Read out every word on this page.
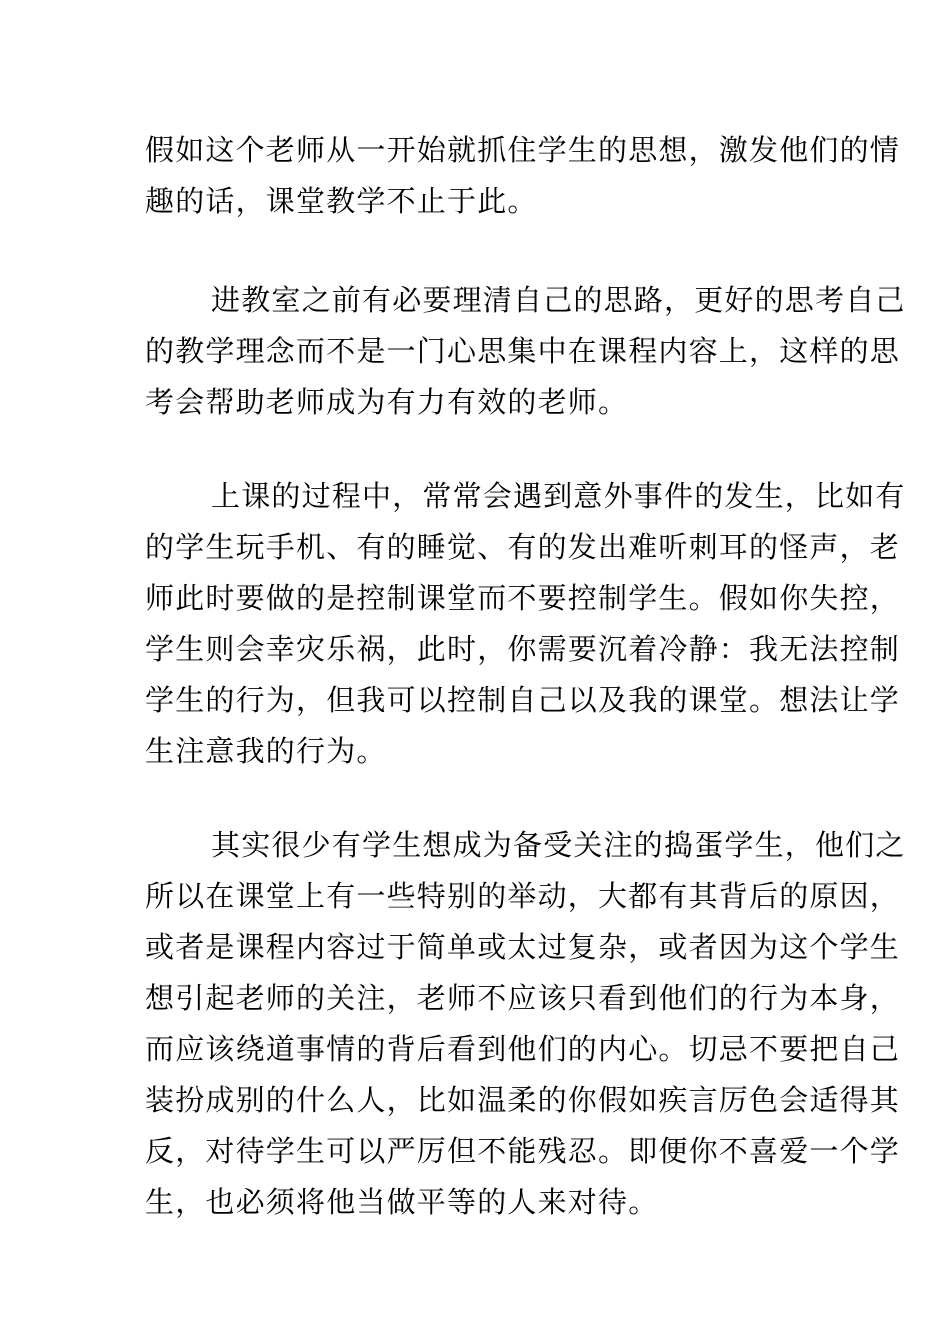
假如这个老师从一开始就抓住学生的思想，激发他们的情
趣的话，课堂教学不止于此。
进教室之前有必要理清自己的思路，更好的思考自己
的教学理念而不是一门心思集中在课程内容上，这样的思
考会帮助老师成为有力有效的老师。
上课的过程中，常常会遇到意外事件的发生，比如有
的学生玩手机、有的睡觉、有的发出难听刺耳的怪声，老
师此时要做的是控制课堂而不要控制学生。假如你失控，
学生则会幸灾乐祸，此时，你需要沉着冷静：我无法控制
学生的行为，但我可以控制自己以及我的课堂。想法让学
生注意我的行为。
其实很少有学生想成为备受关注的捣蛋学生，他们之
所以在课堂上有一些特别的举动，大都有其背后的原因，
或者是课程内容过于简单或太过复杂，或者因为这个学生
想引起老师的关注，老师不应该只看到他们的行为本身，
而应该绕道事情的背后看到他们的内心。切忌不要把自己
装扮成别的什么人，比如温柔的你假如疾言厉色会适得其
反，对待学生可以严厉但不能残忍。即便你不喜爱一个学
生，也必须将他当做平等的人来对待。
